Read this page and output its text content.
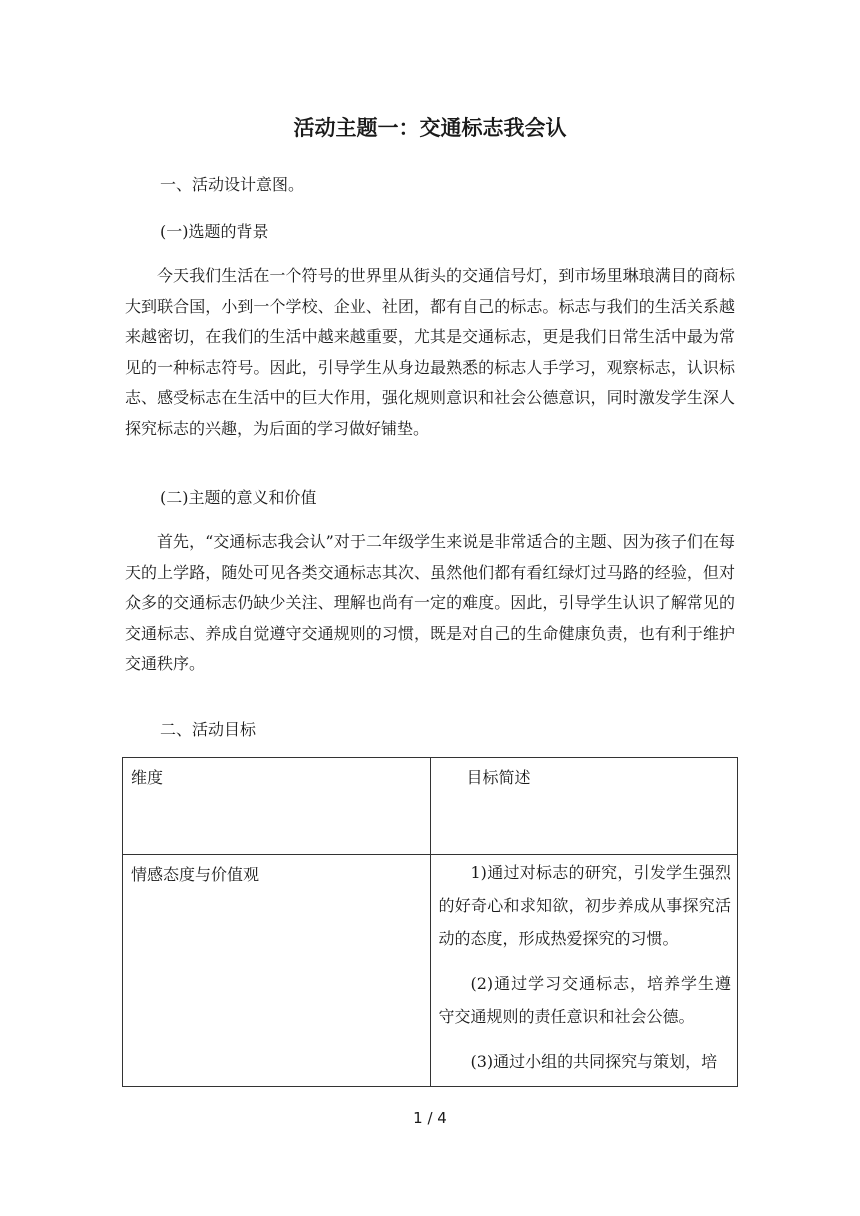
活动主题一：交通标志我会认
一、活动设计意图。
(一)选题的背景
今天我们生活在一个符号的世界里从街头的交通信号灯，到市场里琳琅满目的商标大到联合国，小到一个学校、企业、社团，都有自己的标志。标志与我们的生活关系越来越密切，在我们的生活中越来越重要，尤其是交通标志，更是我们日常生活中最为常见的一种标志符号。因此，引导学生从身边最熟悉的标志人手学习，观察标志，认识标志、感受标志在生活中的巨大作用，强化规则意识和社会公德意识，同时激发学生深人探究标志的兴趣，为后面的学习做好铺垫。
(二)主题的意义和价值
首先，“交通标志我会认”对于二年级学生来说是非常适合的主题、因为孩子们在每天的上学路，随处可见各类交通标志其次、虽然他们都有看红绿灯过马路的经验，但对众多的交通标志仍缺少关注、理解也尚有一定的难度。因此，引导学生认识了解常见的交通标志、养成自觉遵守交通规则的习惯，既是对自己的生命健康负责，也有利于维护交通秩序。
二、活动目标
维度	目标简述

情感态度与价值观	1)通过对标志的研究，引发学生强烈的好奇心和求知欲，初步养成从事探究活动的态度，形成热爱探究的习惯。
(2)通过学习交通标志，培养学生遵守交通规则的责任意识和社会公德。
(3)通过小组的共同探究与策划，培
1 / 4
